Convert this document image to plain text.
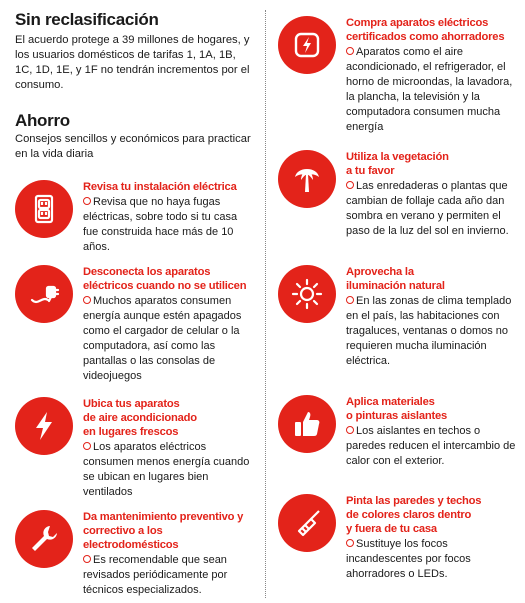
Sin reclasificación

El acuerdo protege a 39 millones de hogares, y los usuarios domésticos de tarifas 1, 1A, 1B, 1C, 1D, 1E, y 1F no tendrán incrementos por el consumo.

Ahorro

Consejos sencillos y económicos para practicar en la vida diaria

Revisa tu instalación eléctrica

Revisa que no haya fugas eléctricas, sobre todo si tu casa fue construida hace más de 10 años.

Desconecta los aparatos eléctricos cuando no se utilicen

Muchos aparatos consumen energía aunque estén apagados como el cargador de celular o la computadora, así como las pantallas o las consolas de videojuegos

Ubica tus aparatos
de aire acondicionado
en lugares frescos

Los aparatos eléctricos consumen menos energía cuando se ubican en lugares bien ventilados

Da mantenimiento preventivo y correctivo a los electrodomésticos

Es recomendable que sean revisados periódicamente por técnicos especializados.

Compra aparatos eléctricos certificados como ahorradores

Aparatos como el aire acondicionado, el refrigerador, el horno de microondas, la lavadora, la plancha, la televisión y la computadora consumen mucha energía

Utiliza la vegetación
a tu favor

Las enredaderas o plantas que cambian de follaje cada año dan sombra en verano y permiten el paso de la luz del sol en invierno.

Aprovecha la
iluminación natural

En las zonas de clima templado en el país, las habitaciones con tragaluces, ventanas o domos no requieren mucha iluminación eléctrica.

Aplica materiales
o pinturas aislantes

Los aislantes en techos o paredes reducen el intercambio de calor con el exterior.

Pinta las paredes y techos
de colores claros dentro
y fuera de tu casa

Sustituye los focos incandescentes por focos ahorradores o LEDs.
